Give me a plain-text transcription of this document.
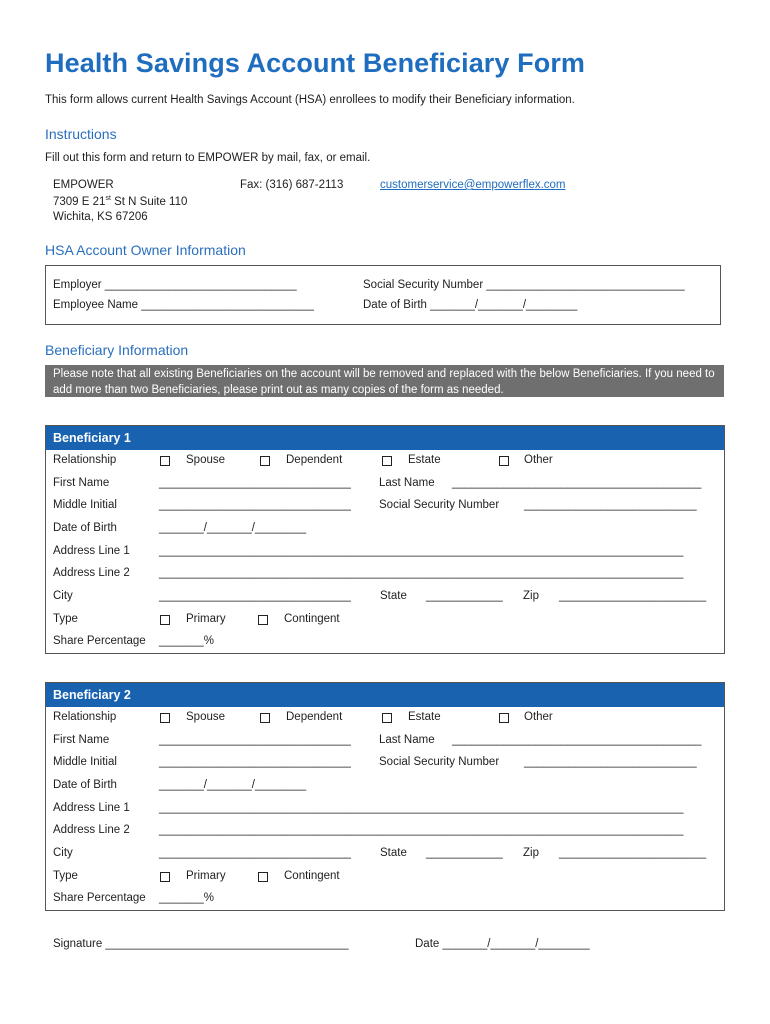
Health Savings Account Beneficiary Form
This form allows current Health Savings Account (HSA) enrollees to modify their Beneficiary information.
Instructions
Fill out this form and return to EMPOWER by mail, fax, or email.
EMPOWER
7309 E 21st St N Suite 110
Wichita, KS 67206
Fax: (316) 687-2113	customerservice@empowerflex.com
HSA Account Owner Information
Employer ______________________________
Employee Name ___________________________
Social Security Number _______________________________
Date of Birth _______/_______/________
Beneficiary Information
Please note that all existing Beneficiaries on the account will be removed and replaced with the below Beneficiaries. If you need to add more than two Beneficiaries, please print out as many copies of the form as needed.
Beneficiary 1
Relationship	Spouse	Dependent	Estate	Other
First Name	______________________________ Last Name _______________________________________
Middle Initial	______________________________ Social Security Number ___________________________
Date of Birth	_______/_______/________
Address Line 1	__________________________________________________________________________________
Address Line 2	__________________________________________________________________________________
City	______________________________	State ____________ Zip _______________________
Type	Primary	Contingent
Share Percentage _______%
Beneficiary 2
Relationship	Spouse	Dependent	Estate	Other
First Name	______________________________ Last Name _______________________________________
Middle Initial	______________________________ Social Security Number ___________________________
Date of Birth	_______/_______/________
Address Line 1	__________________________________________________________________________________
Address Line 2	__________________________________________________________________________________
City	______________________________	State ____________ Zip _______________________
Type	Primary	Contingent
Share Percentage _______%
Signature ______________________________________	Date _______/_______/________
